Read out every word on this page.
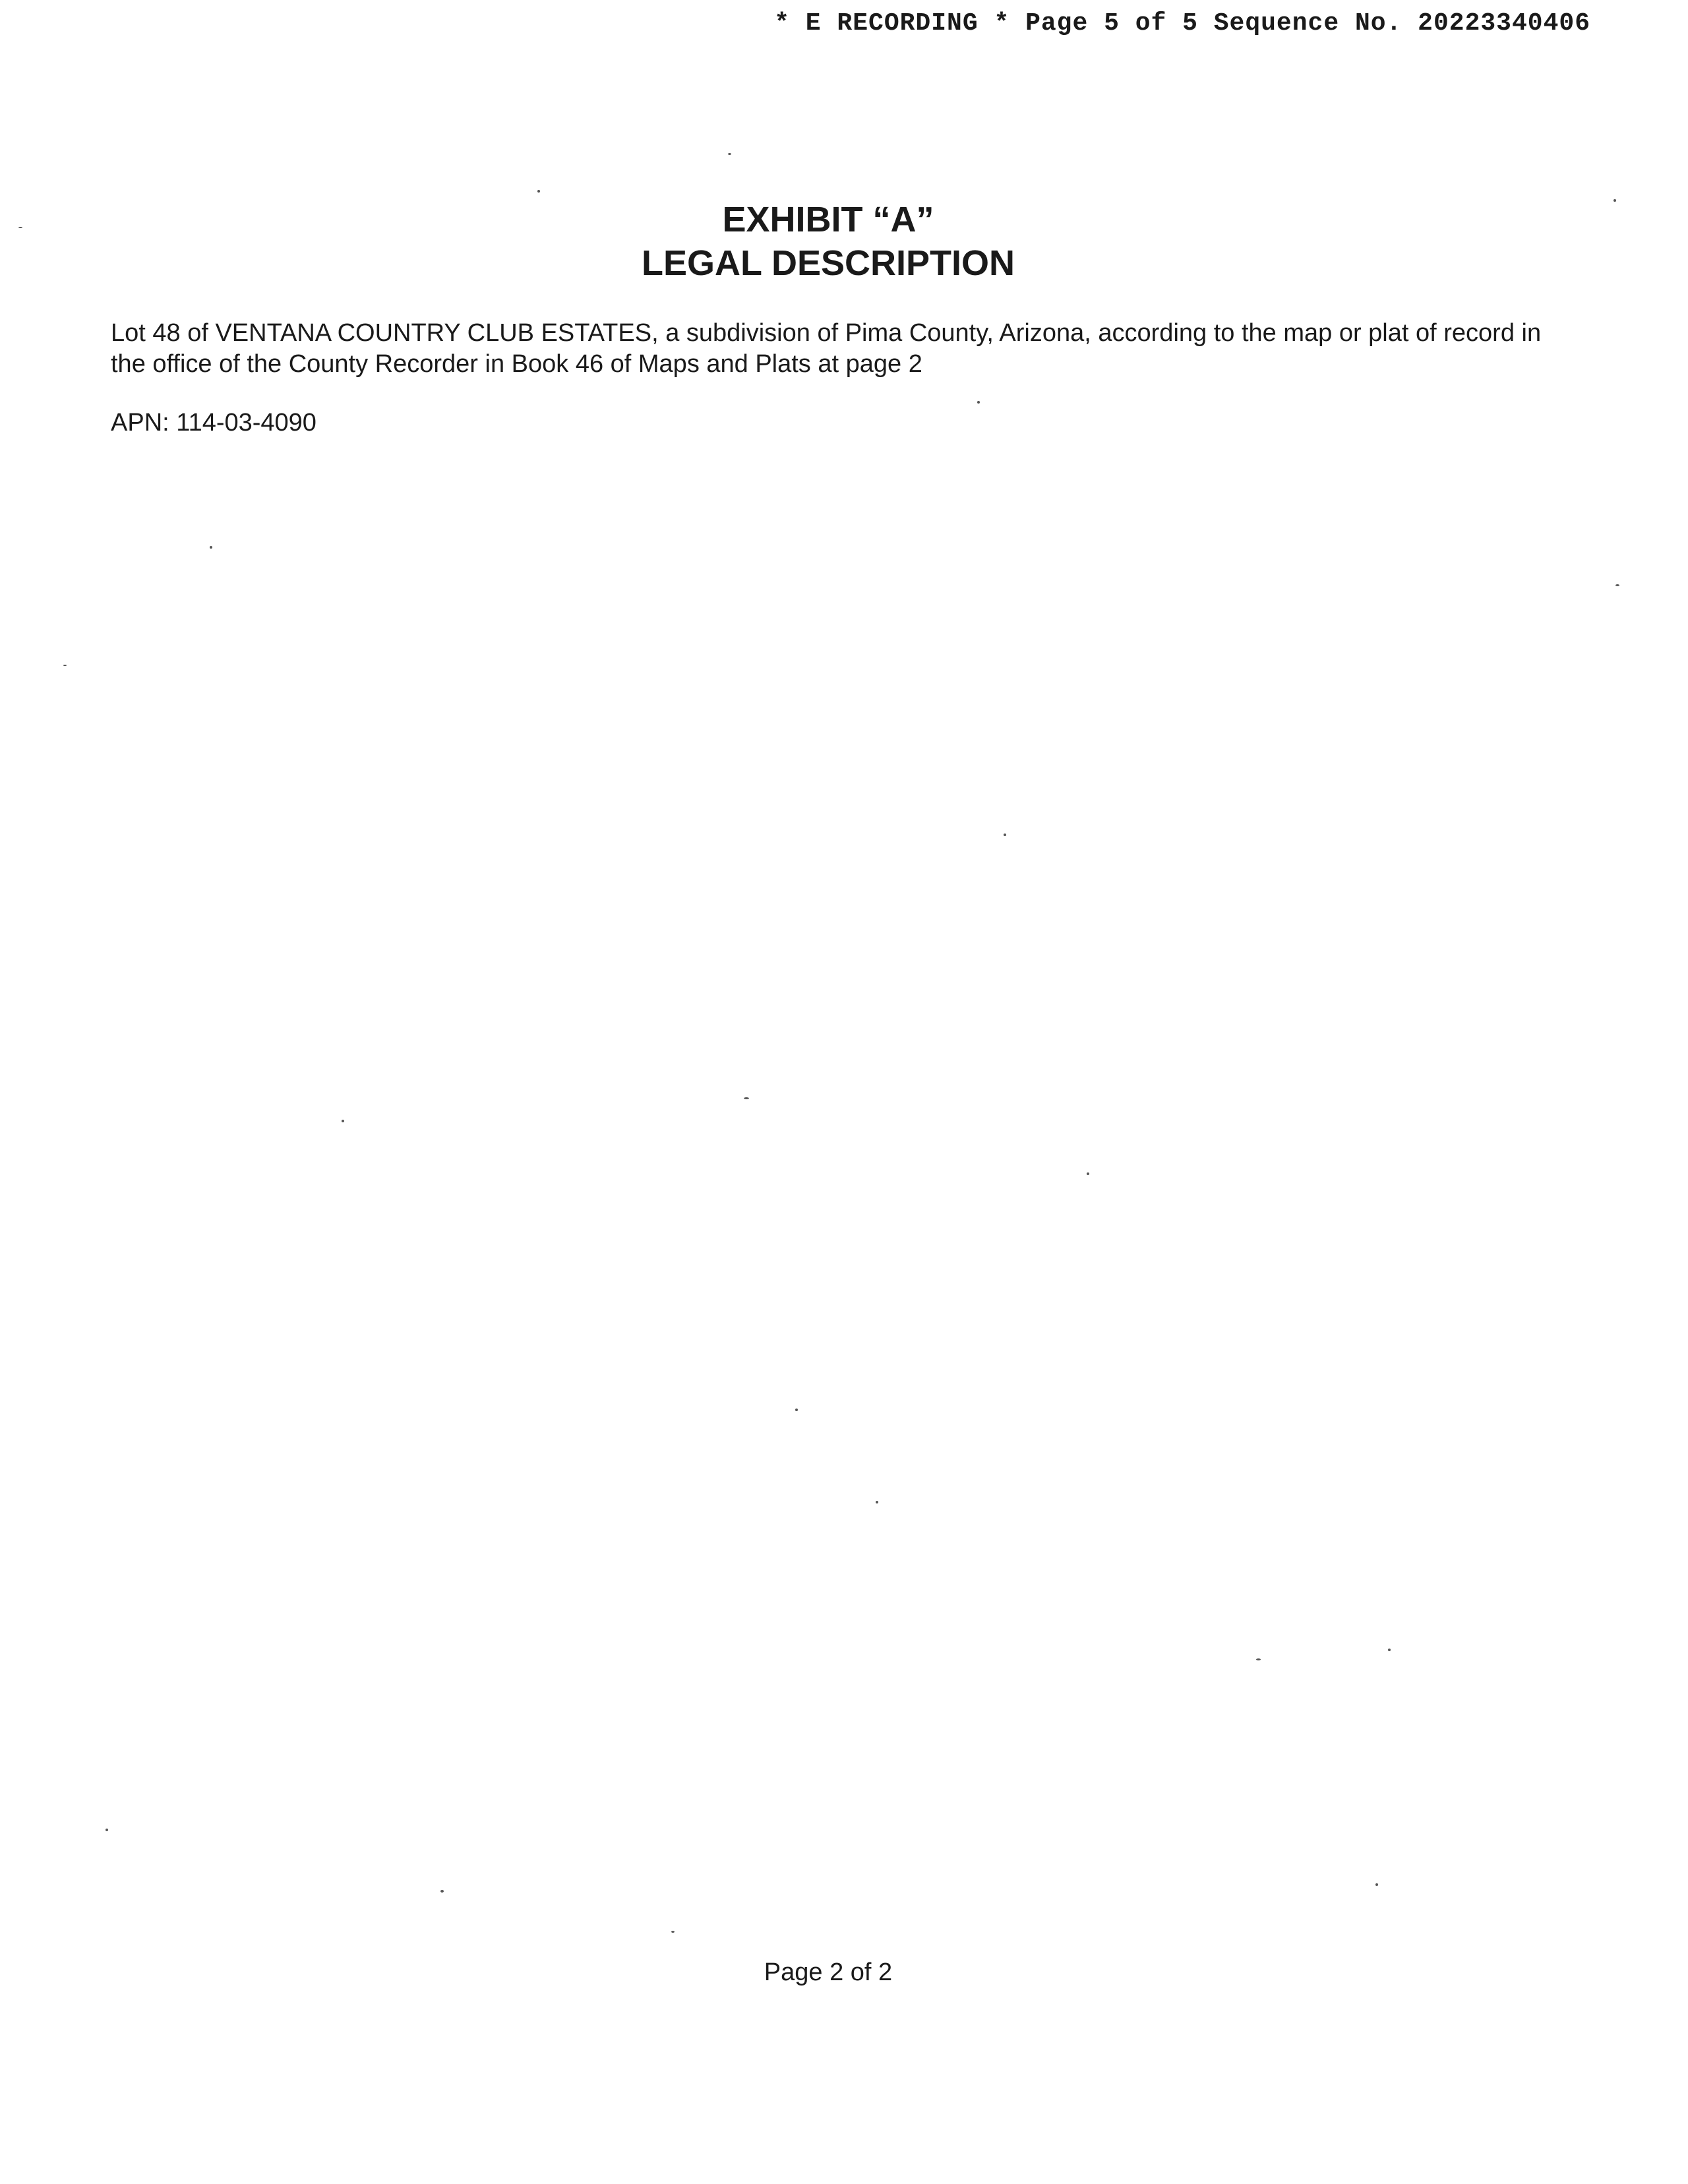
* E RECORDING * Page 5 of 5 Sequence No. 20223340406
EXHIBIT “A”
LEGAL DESCRIPTION
Lot 48 of VENTANA COUNTRY CLUB ESTATES, a subdivision of Pima County, Arizona, according to the map or plat of record in the office of the County Recorder in Book 46 of Maps and Plats at page 2
APN: 114-03-4090
Page 2 of 2
